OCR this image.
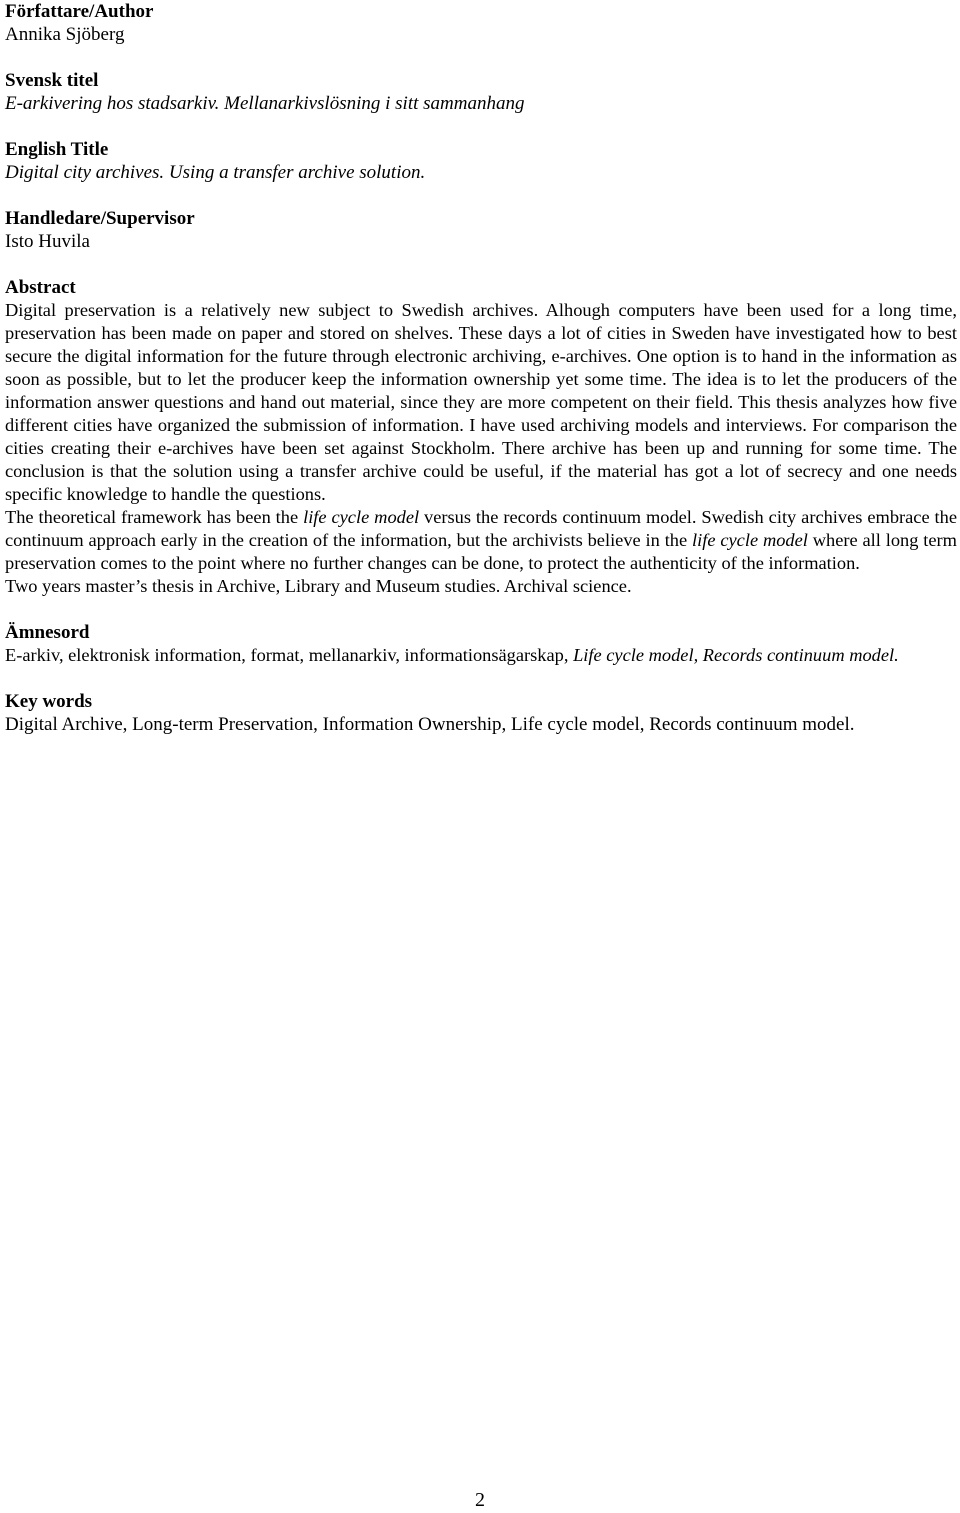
Författare/Author
Annika Sjöberg
Svensk titel
E-arkivering hos stadsarkiv. Mellanarkivslösning i sitt sammanhang
English Title
Digital city archives. Using a transfer archive solution.
Handledare/Supervisor
Isto Huvila
Abstract

Digital preservation is a relatively new subject to Swedish archives. Alhough computers have been used for a long time, preservation has been made on paper and stored on shelves. These days a lot of cities in Sweden have investigated how to best secure the digital information for the future through electronic archiving, e-archives. One option is to hand in the information as soon as possible, but to let the producer keep the information ownership yet some time. The idea is to let the producers of the information answer questions and hand out material, since they are more competent on their field. This thesis analyzes how five different cities have organized the submission of information. I have used archiving models and interviews. For comparison the cities creating their e-archives have been set against Stockholm. There archive has been up and running for some time. The conclusion is that the solution using a transfer archive could be useful, if the material has got a lot of secrecy and one needs specific knowledge to handle the questions.

The theoretical framework has been the life cycle model versus the records continuum model. Swedish city archives embrace the continuum approach early in the creation of the information, but the archivists believe in the life cycle model where all long term preservation comes to the point where no further changes can be done, to protect the authenticity of the information.

Two years master’s thesis in Archive, Library and Museum studies. Archival science.

Ämnesord
E-arkiv, elektronisk information, format, mellanarkiv, informationsägarskap, Life cycle model, Records continuum model.
Key words
Digital Archive, Long-term Preservation, Information Ownership, Life cycle model, Records continuum model.
2
